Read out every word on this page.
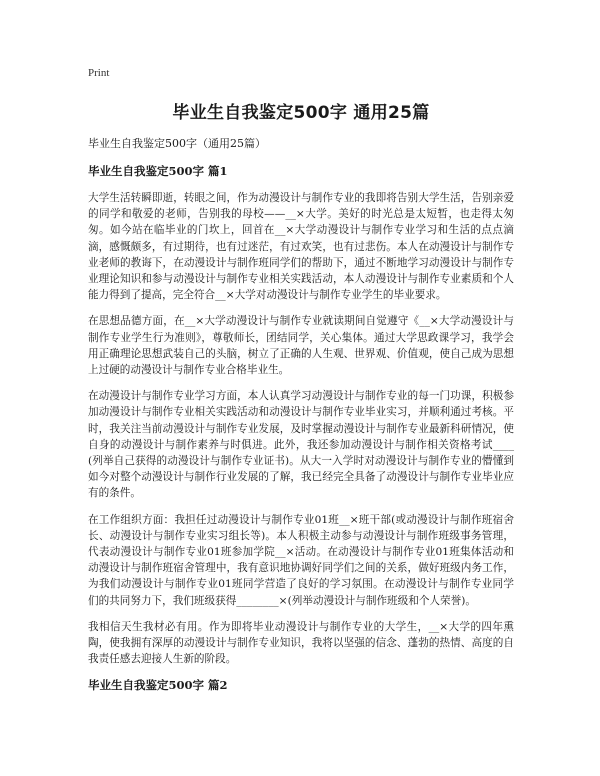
Print
毕业生自我鉴定500字 通用25篇
毕业生自我鉴定500字（通用25篇）
毕业生自我鉴定500字 篇1

大学生活转瞬即逝，转眼之间，作为动漫设计与制作专业的我即将告别大学生活，告别亲爱的同学和敬爱的老师，告别我的母校——__×大学。美好的时光总是太短暂，也走得太匆匆。如今站在临毕业的门坎上，回首在__×大学动漫设计与制作专业学习和生活的点点滴滴，感慨颇多，有过期待，也有过迷茫，有过欢笑，也有过悲伤。本人在动漫设计与制作专业老师的教诲下，在动漫设计与制作班同学们的帮助下，通过不断地学习动漫设计与制作专业理论知识和参与动漫设计与制作专业相关实践活动，本人动漫设计与制作专业素质和个人能力得到了提高，完全符合__×大学对动漫设计与制作专业学生的毕业要求。

在思想品德方面，在__×大学动漫设计与制作专业就读期间自觉遵守《__×大学动漫设计与制作专业学生行为准则》，尊敬师长，团结同学，关心集体。通过大学思政课学习，我学会用正确理论思想武装自己的头脑，树立了正确的人生观、世界观、价值观，使自己成为思想上过硬的动漫设计与制作专业合格毕业生。

在动漫设计与制作专业学习方面，本人认真学习动漫设计与制作专业的每一门功课，积极参加动漫设计与制作专业相关实践活动和动漫设计与制作专业毕业实习，并顺利通过考核。平时，我关注当前动漫设计与制作专业发展，及时掌握动漫设计与制作专业最新科研情况，使自身的动漫设计与制作素养与时俱进。此外，我还参加动漫设计与制作相关资格考试____(列举自己获得的动漫设计与制作专业证书)。从大一入学时对动漫设计与制作专业的懵懂到如今对整个动漫设计与制作行业发展的了解，我已经完全具备了动漫设计与制作专业毕业应有的条件。

在工作组织方面：我担任过动漫设计与制作专业01班__×班干部(或动漫设计与制作班宿舍长、动漫设计与制作专业实习组长等)。本人积极主动参与动漫设计与制作班级事务管理，代表动漫设计与制作专业01班参加学院__×活动。在动漫设计与制作专业01班集体活动和动漫设计与制作班宿舍管理中，我有意识地协调好同学们之间的关系，做好班级内务工作，为我们动漫设计与制作专业01班同学营造了良好的学习氛围。在动漫设计与制作专业同学们的共同努力下，我们班级获得________×(列举动漫设计与制作班级和个人荣誉)。

我相信天生我材必有用。作为即将毕业动漫设计与制作专业的大学生，__×大学的四年熏陶，使我拥有深厚的动漫设计与制作专业知识，我将以坚强的信念、蓬勃的热情、高度的自我责任感去迎接人生新的阶段。

毕业生自我鉴定500字 篇2
